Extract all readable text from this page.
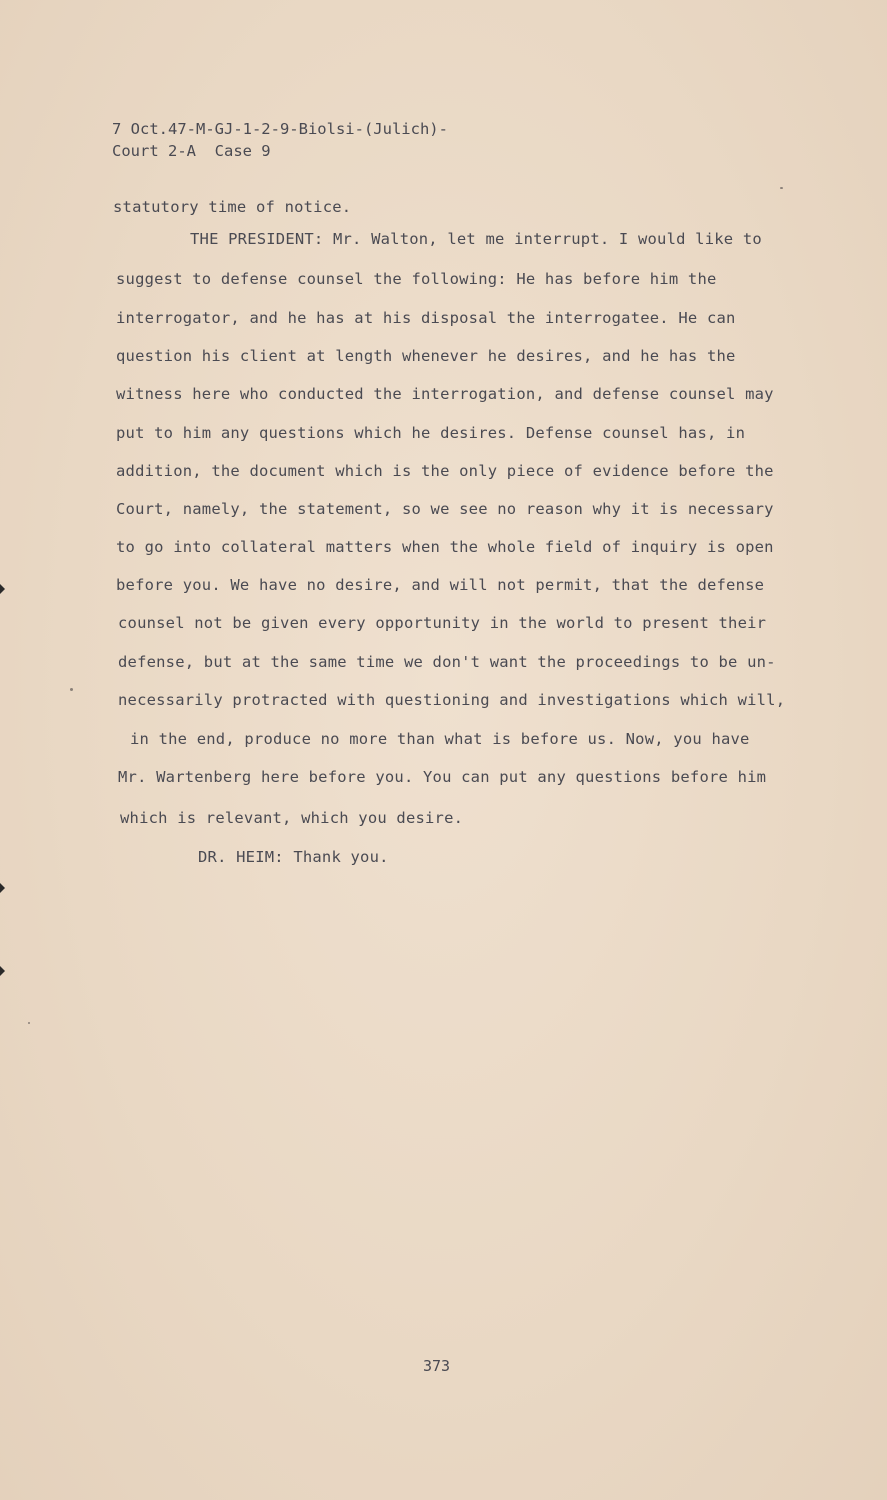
7 Oct.47-M-GJ-1-2-9-Biolsi-(Julich)-
Court 2-A  Case 9
statutory time of notice.
THE PRESIDENT: Mr. Walton, let me interrupt. I would like to
suggest to defense counsel the following: He has before him the
interrogator, and he has at his disposal the interrogatee. He can
question his client at length whenever he desires, and he has the
witness here who conducted the interrogation, and defense counsel may
put to him any questions which he desires. Defense counsel has, in
addition, the document which is the only piece of evidence before the
Court, namely, the statement, so we see no reason why it is necessary
to go into collateral matters when the whole field of inquiry is open
before you. We have no desire, and will not permit, that the defense
counsel not be given every opportunity in the world to present their
defense, but at the same time we don't want the proceedings to be un-
necessarily protracted with questioning and investigations which will,
in the end, produce no more than what is before us. Now, you have
Mr. Wartenberg here before you. You can put any questions before him
which is relevant, which you desire.
DR. HEIM: Thank you.
373
